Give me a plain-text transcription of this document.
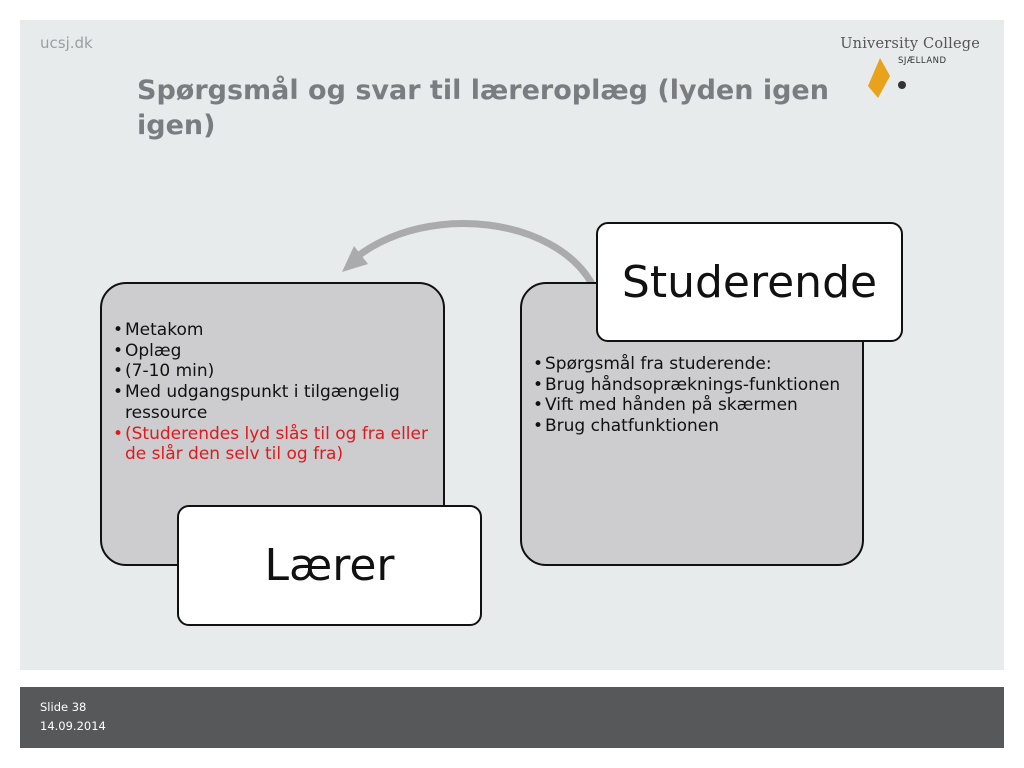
ucsj.dk	University College
SJÆLLAND
Spørgsmål og svar til læreroplæg (lyden igen igen)
• Metakom
• Oplæg
• (7-10 min)
• Med udgangspunkt i tilgængelig ressource
• (Studerendes lyd slås til og fra eller de slår den selv til og fra)
• Spørgsmål fra studerende:
• Brug håndsopræknings-funktionen
• Vift med hånden på skærmen
• Brug chatfunktionen
Lærer
Studerende
Slide 38
14.09.2014
